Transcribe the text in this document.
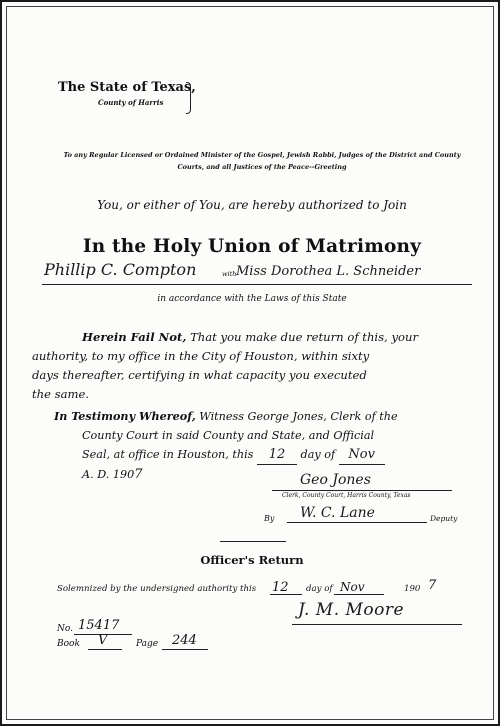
The State of Texas,
County of Harris
To any Regular Licensed or Ordained Minister of the Gospel, Jewish Rabbi, Judges of the District and County Courts, and all Justices of the Peace--Greeting
You, or either of You, are hereby authorized to Join
In the Holy Union of Matrimony
Phillip C. Compton	with Miss Dorothea L. Schneider
in accordance with the Laws of this State
Herein Fail Not, That you make due return of this, your
authority, to my office in the City of Houston, within sixty
days thereafter, certifying in what capacity you executed
the same.
In Testimony Whereof, Witness George Jones, Clerk of the
County Court in said County and State, and Official
Seal, at office in Houston, this 12 day of Nov
A. D. 1907	Geo Jones
Clerk, County Court, Harris County, Texas
By W. C. Lane	Deputy
Officer's Return
Solemnized by the undersigned authority this 12 day of Nov	190 7
J. M. Moore
No. 15417
Book V	Page 244
